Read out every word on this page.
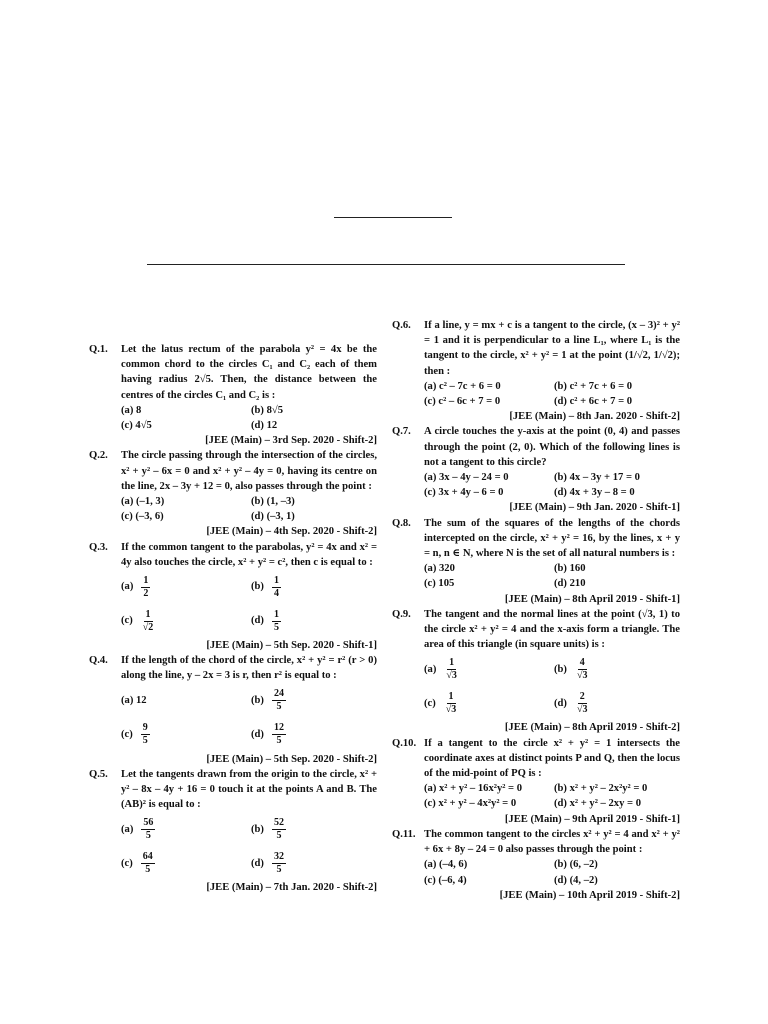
Q.1.	Let the latus rectum of the parabola y² = 4x be the common chord to the circles C₁ and C₂ each of them having radius 2√5. Then, the distance between the centres of the circles C₁ and C₂ is :
(a) 8	(b) 8√5
(c) 4√5	(d) 12
[JEE (Main) – 3rd Sep. 2020 - Shift-2]
Q.2.	The circle passing through the intersection of the circles, x² + y² – 6x = 0 and x² + y² – 4y = 0, having its centre on the line, 2x – 3y + 12 = 0, also passes through the point :
(a) (–1, 3)	(b) (1, –3)
(c) (–3, 6)	(d) (–3, 1)
[JEE (Main) – 4th Sep. 2020 - Shift-2]
Q.3.	If the common tangent to the parabolas, y² = 4x and x² = 4y also touches the circle, x² + y² = c², then c is equal to :
$(a) \frac{1}{2}$	$(b) \frac{1}{4}$
$(c) \frac{1}{√2}$	$(d) \frac{1}{5}$
[JEE (Main) – 5th Sep. 2020 - Shift-1]
Q.4.	If the length of the chord of the circle, x² + y² = r² (r > 0) along the line, y – 2x = 3 is r, then r² is equal to :
(a) 12	$(b) \frac{24}{5}$
$(c) \frac{9}{5}$	$(d) \frac{12}{5}$
[JEE (Main) – 5th Sep. 2020 - Shift-2]
Q.5.	Let the tangents drawn from the origin to the circle, x² + y² – 8x – 4y + 16 = 0 touch it at the points A and B. The (AB)² is equal to :
$(a) \frac{56}{5}$	$(b) \frac{52}{5}$
$(c) \frac{64}{5}$	$(d) \frac{32}{5}$
[JEE (Main) – 7th Jan. 2020 - Shift-2]
Q.6.	If a line, y = mx + c is a tangent to the circle, (x – 3)² + y² = 1 and it is perpendicular to a line L₁, where L₁ is the tangent to the circle, x² + y² = 1 at the point (1/√2, 1/√2); then :
(a) c² – 7c + 6 = 0	(b) c² + 7c + 6 = 0
(c) c² – 6c + 7 = 0	(d) c² + 6c + 7 = 0
[JEE (Main) – 8th Jan. 2020 - Shift-2]
Q.7.	A circle touches the y-axis at the point (0, 4) and passes through the point (2, 0). Which of the following lines is not a tangent to this circle?
(a) 3x – 4y – 24 = 0	(b) 4x – 3y + 17 = 0
(c) 3x + 4y – 6 = 0	(d) 4x + 3y – 8 = 0
[JEE (Main) – 9th Jan. 2020 - Shift-1]
Q.8.	The sum of the squares of the lengths of the chords intercepted on the circle, x² + y² = 16, by the lines, x + y = n, n ∈ N, where N is the set of all natural numbers is :
(a) 320	(b) 160
(c) 105	(d) 210
[JEE (Main) – 8th April 2019 - Shift-1]
Q.9.	The tangent and the normal lines at the point (√3, 1) to the circle x² + y² = 4 and the x-axis form a triangle. The area of this triangle (in square units) is :
$(a) \frac{1}{√3}$	$(b) \frac{4}{√3}$
$(c) \frac{1}{√3}$	$(d) \frac{2}{√3}$
[JEE (Main) – 8th April 2019 - Shift-2]
Q.10. If a tangent to the circle x² + y² = 1 intersects the coordinate axes at distinct points P and Q, then the locus of the mid-point of PQ is :
(a) x² + y² – 16x²y² = 0	(b) x² + y² – 2x²y² = 0
(c) x² + y² – 4x²y² = 0	(d) x² + y² – 2xy = 0
[JEE (Main) – 9th April 2019 - Shift-1]
Q.11. The common tangent to the circles x² + y² = 4 and x² + y² + 6x + 8y – 24 = 0 also passes through the point :
(a) (–4, 6)	(b) (6, –2)
(c) (–6, 4)	(d) (4, –2)
[JEE (Main) – 10th April 2019 - Shift-2]
